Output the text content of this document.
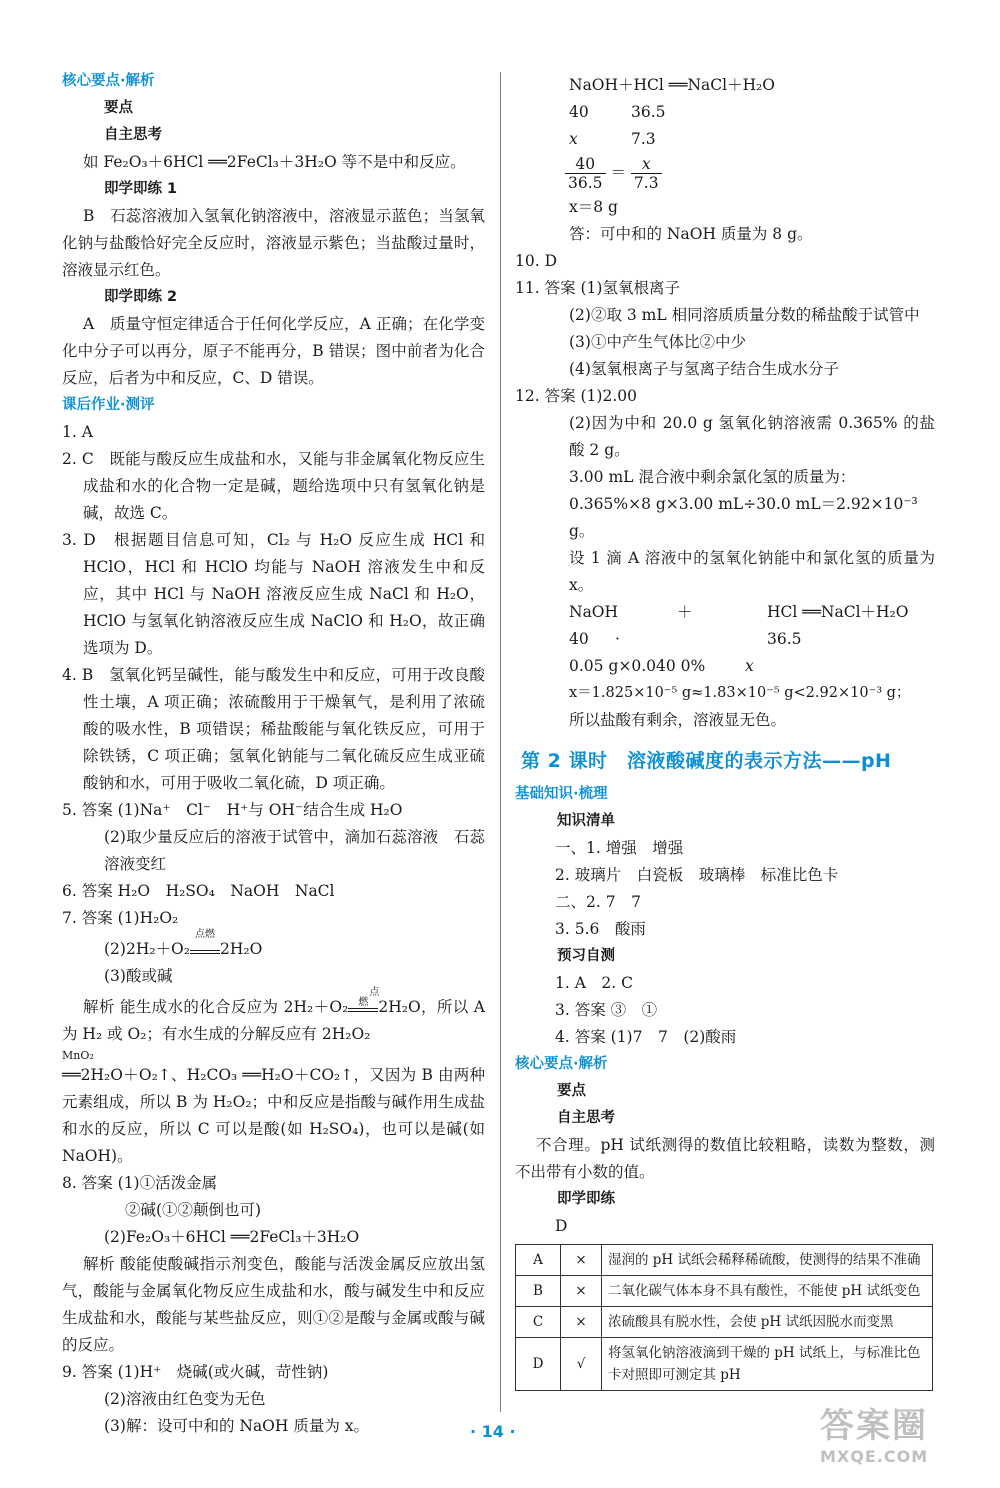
核心要点·解析

要点

自主思考

如 Fe₂O₃＋6HCl ══2FeCl₃＋3H₂O 等不是中和反应。

即学即练 1

B　石蕊溶液加入氢氧化钠溶液中，溶液显示蓝色；当氢氧化钠与盐酸恰好完全反应时，溶液显示紫色；当盐酸过量时，溶液显示红色。

即学即练 2

A　质量守恒定律适合于任何化学反应，A 正确；在化学变化中分子可以再分，原子不能再分，B 错误；图中前者为化合反应，后者为中和反应，C、D 错误。

课后作业·测评

1. A

2. C　既能与酸反应生成盐和水，又能与非金属氧化物反应生成盐和水的化合物一定是碱，题给选项中只有氢氧化钠是碱，故选 C。

3. D　根据题目信息可知，Cl₂ 与 H₂O 反应生成 HCl 和 HClO，HCl 和 HClO 均能与 NaOH 溶液发生中和反应，其中 HCl 与 NaOH 溶液反应生成 NaCl 和 H₂O，HClO 与氢氧化钠溶液反应生成 NaClO 和 H₂O，故正确选项为 D。

4. B　氢氧化钙呈碱性，能与酸发生中和反应，可用于改良酸性土壤，A 项正确；浓硫酸用于干燥氧气，是利用了浓硫酸的吸水性，B 项错误；稀盐酸能与氧化铁反应，可用于除铁锈，C 项正确；氢氧化钠能与二氧化硫反应生成亚硫酸钠和水，可用于吸收二氧化硫，D 项正确。

5. 答案 (1)Na⁺　Cl⁻　H⁺与 OH⁻结合生成 H₂O

(2)取少量反应后的溶液于试管中，滴加石蕊溶液　石蕊溶液变红

6. 答案 H₂O　H₂SO₄　NaOH　NaCl

7. 答案 (1)H₂O₂

(2)2H₂＋O₂
点燃
2H₂O

(3)酸或碱

解析 能生成水的化合反应为 2H₂＋O₂
点燃 2H₂O，所以 A 为 H₂ 或 O₂；有水生成的分解反应有 2H₂O₂

MnO₂

══2H₂O＋O₂↑、H₂CO₃ ══H₂O＋CO₂↑，又因为 B 由两种元素组成，所以 B 为 H₂O₂；中和反应是指酸与碱作用生成盐和水的反应，所以 C 可以是酸(如 H₂SO₄)，也可以是碱(如 NaOH)。

8. 答案 (1)①活泼金属

②碱(①②颠倒也可)

(2)Fe₂O₃＋6HCl ══2FeCl₃＋3H₂O

解析 酸能使酸碱指示剂变色，酸能与活泼金属反应放出氢气，酸能与金属氧化物反应生成盐和水，酸与碱发生中和反应生成盐和水，酸能与某些盐反应，则①②是酸与金属或酸与碱的反应。

9. 答案 (1)H⁺　烧碱(或火碱，苛性钠)

(2)溶液由红色变为无色

(3)解：设可中和的 NaOH 质量为 x。

NaOH＋HCl ══NaCl＋H₂O

40	36.5

x	7.3

$\frac{40}{36.5} = \frac{x}{7.3}$

x＝8 g

答：可中和的 NaOH 质量为 8 g。

10. D

11. 答案 (1)氢氧根离子

(2)②取 3 mL 相同溶质质量分数的稀盐酸于试管中

(3)①中产生气体比②中少

(4)氢氧根离子与氢离子结合生成水分子

12. 答案 (1)2.00

(2)因为中和 20.0 g 氢氧化钠溶液需 0.365% 的盐酸 2 g。

3.00 mL 混合液中剩余氯化氢的质量为：

0.365%×8 g×3.00 mL÷30.0 mL＝2.92×10⁻³ g。

设 1 滴 A 溶液中的氢氧化钠能中和氯化氢的质量为 x。

NaOH	＋	HCl ══NaCl＋H₂O

40 ·	36.5

0.05 g×0.040 0%	x

x＝1.825×10⁻⁵ g≈1.83×10⁻⁵ g<2.92×10⁻³ g；

所以盐酸有剩余，溶液显无色。

第 2 课时　溶液酸碱度的表示方法——pH

基础知识·梳理

知识清单

一、1. 增强　增强

2. 玻璃片　白瓷板　玻璃棒　标准比色卡

二、2. 7　7

3. 5.6　酸雨

预习自测

1. A　2. C

3. 答案 ③　①

4. 答案 (1)7　7　(2)酸雨

核心要点·解析

要点

自主思考

不合理。pH 试纸测得的数值比较粗略，读数为整数，测不出带有小数的值。

即学即练

D

A	×	湿润的 pH 试纸会稀释稀硫酸，使测得的结果不准确
B	×	二氧化碳气体本身不具有酸性，不能使 pH 试纸变色
C	×	浓硫酸具有脱水性，会使 pH 试纸因脱水而变黑
D	√	将氢氧化钠溶液滴到干燥的 pH 试纸上，与标准比色卡对照即可测定其 pH
· 14 ·	答案圈
MXQE.COM
